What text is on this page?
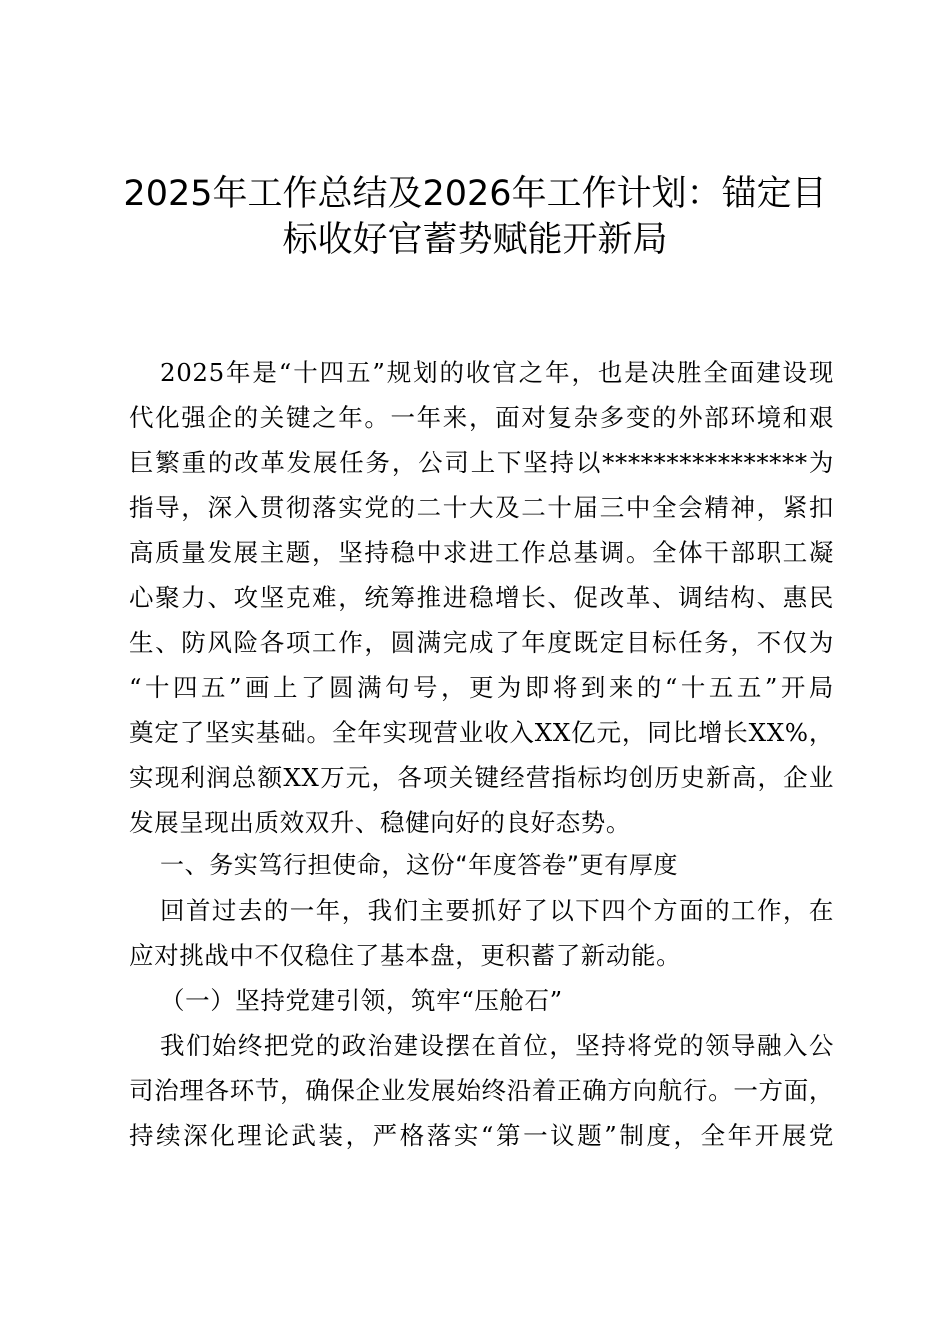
2025年工作总结及2026年工作计划：锚定目
标收好官蓄势赋能开新局
2025年是“十四五”规划的收官之年，也是决胜全面建设现
代化强企的关键之年。一年来，面对复杂多变的外部环境和艰
巨繁重的改革发展任务，公司上下坚持以****************为
指导，深入贯彻落实党的二十大及二十届三中全会精神，紧扣
高质量发展主题，坚持稳中求进工作总基调。全体干部职工凝
心聚力、攻坚克难，统筹推进稳增长、促改革、调结构、惠民
生、防风险各项工作，圆满完成了年度既定目标任务，不仅为
“十四五”画上了圆满句号，更为即将到来的“十五五”开局
奠定了坚实基础。全年实现营业收入XX亿元，同比增长XX%，
实现利润总额XX万元，各项关键经营指标均创历史新高，企业
发展呈现出质效双升、稳健向好的良好态势。
一、务实笃行担使命，这份“年度答卷”更有厚度
回首过去的一年，我们主要抓好了以下四个方面的工作，在
应对挑战中不仅稳住了基本盘，更积蓄了新动能。
（一）坚持党建引领，筑牢“压舱石”
我们始终把党的政治建设摆在首位，坚持将党的领导融入公
司治理各环节，确保企业发展始终沿着正确方向航行。一方面，
持续深化理论武装，严格落实“第一议题”制度，全年开展党
